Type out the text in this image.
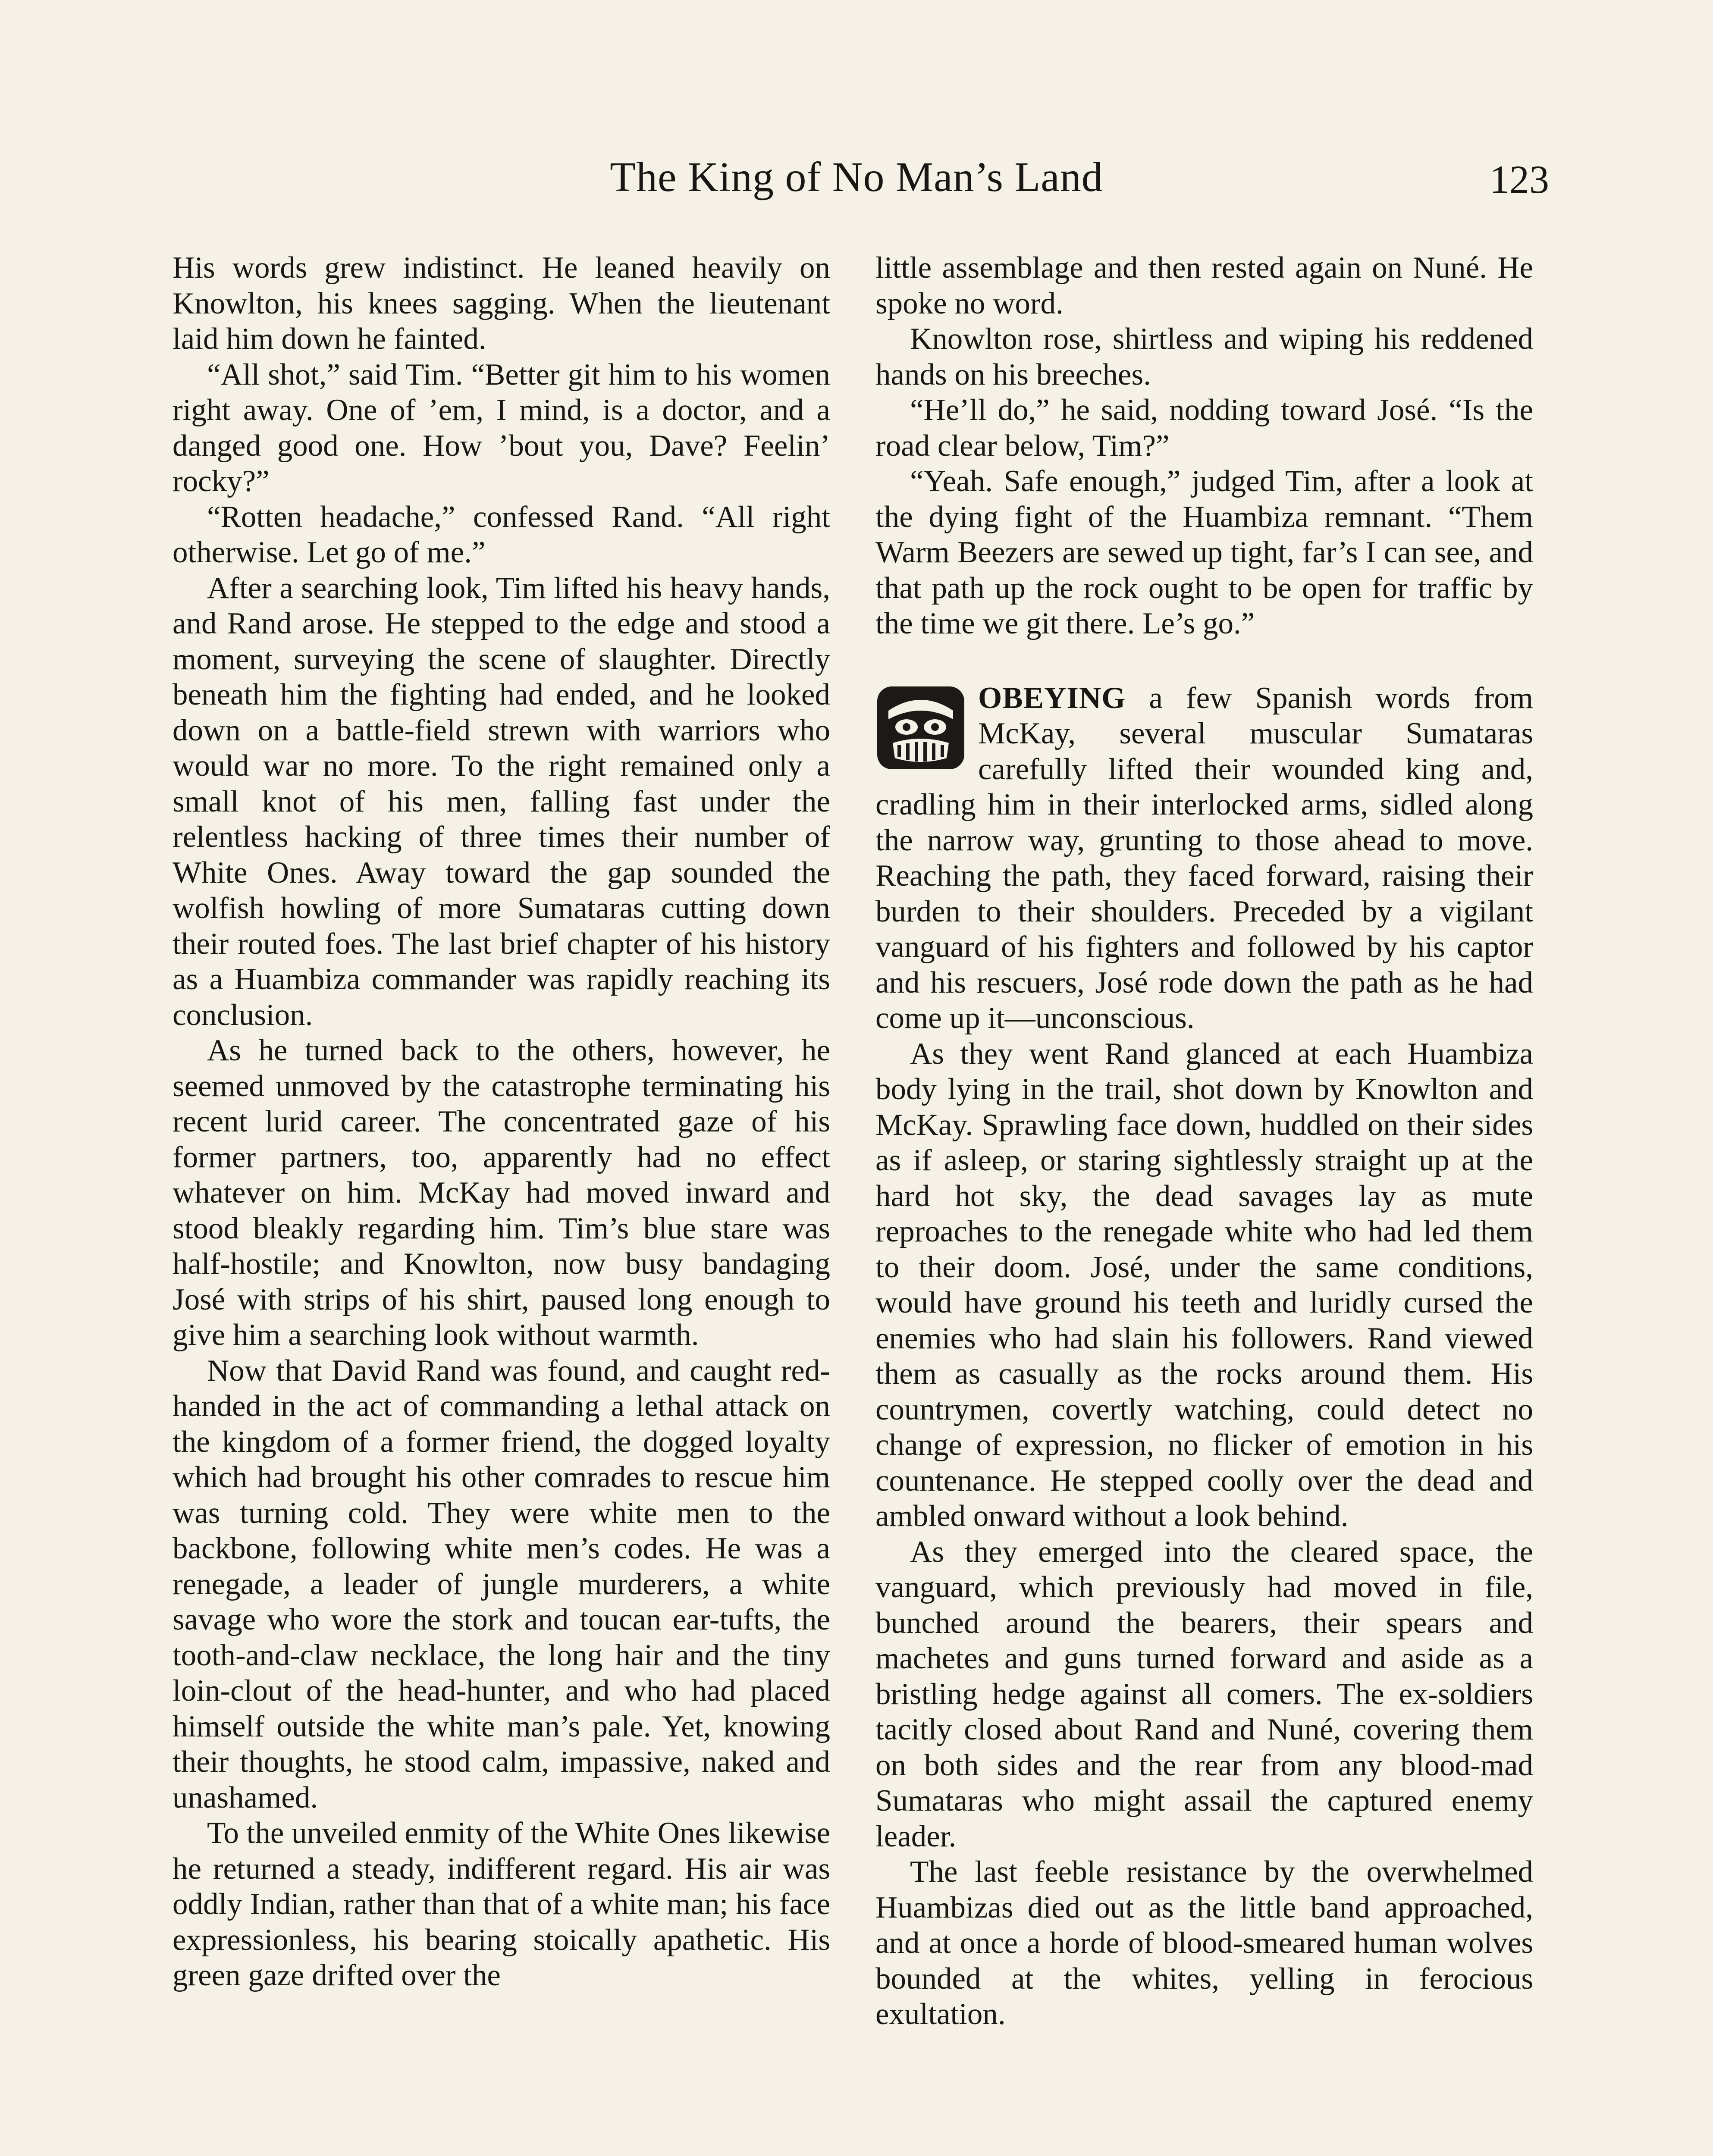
The King of No Man’s Land	123

His words grew indistinct. He leaned heavily on Knowlton, his knees sagging. When the lieutenant laid him down he fainted.

“All shot,” said Tim. “Better git him to his women right away. One of ’em, I mind, is a doctor, and a danged good one. How ’bout you, Dave? Feelin’ rocky?”

“Rotten headache,” confessed Rand. “All right otherwise. Let go of me.”

After a searching look, Tim lifted his heavy hands, and Rand arose. He stepped to the edge and stood a moment, surveying the scene of slaughter. Directly beneath him the fighting had ended, and he looked down on a battle-field strewn with warriors who would war no more. To the right remained only a small knot of his men, falling fast under the relentless hacking of three times their number of White Ones. Away toward the gap sounded the wolfish howling of more Sumataras cutting down their routed foes. The last brief chapter of his history as a Huambiza commander was rapidly reaching its conclusion.

As he turned back to the others, however, he seemed unmoved by the catastrophe terminating his recent lurid career. The concentrated gaze of his former partners, too, apparently had no effect whatever on him. McKay had moved inward and stood bleakly regarding him. Tim’s blue stare was half-hostile; and Knowlton, now busy bandaging José with strips of his shirt, paused long enough to give him a searching look without warmth.

Now that David Rand was found, and caught red-handed in the act of commanding a lethal attack on the kingdom of a former friend, the dogged loyalty which had brought his other comrades to rescue him was turning cold. They were white men to the backbone, following white men’s codes. He was a renegade, a leader of jungle murderers, a white savage who wore the stork and toucan ear-tufts, the tooth-and-claw necklace, the long hair and the tiny loin-clout of the head-hunter, and who had placed himself outside the white man’s pale. Yet, knowing their thoughts, he stood calm, impassive, naked and unashamed.

To the unveiled enmity of the White Ones likewise he returned a steady, indifferent regard. His air was oddly Indian, rather than that of a white man; his face expressionless, his bearing stoically apathetic. His green gaze drifted over the

little assemblage and then rested again on Nuné. He spoke no word.

Knowlton rose, shirtless and wiping his reddened hands on his breeches.

“He’ll do,” he said, nodding toward José. “Is the road clear below, Tim?”

“Yeah. Safe enough,” judged Tim, after a look at the dying fight of the Huambiza remnant. “Them Warm Beezers are sewed up tight, far’s I can see, and that path up the rock ought to be open for traffic by the time we git there. Le’s go.”

OBEYING a few Spanish words from McKay, several muscular Sumataras carefully lifted their wounded king and, cradling him in their interlocked arms, sidled along the narrow way, grunting to those ahead to move. Reaching the path, they faced forward, raising their burden to their shoulders. Preceded by a vigilant vanguard of his fighters and followed by his captor and his rescuers, José rode down the path as he had come up it—unconscious.

As they went Rand glanced at each Huambiza body lying in the trail, shot down by Knowlton and McKay. Sprawling face down, huddled on their sides as if asleep, or staring sightlessly straight up at the hard hot sky, the dead savages lay as mute reproaches to the renegade white who had led them to their doom. José, under the same conditions, would have ground his teeth and luridly cursed the enemies who had slain his followers. Rand viewed them as casually as the rocks around them. His countrymen, covertly watching, could detect no change of expression, no flicker of emotion in his countenance. He stepped coolly over the dead and ambled onward without a look behind.

As they emerged into the cleared space, the vanguard, which previously had moved in file, bunched around the bearers, their spears and machetes and guns turned forward and aside as a bristling hedge against all comers. The ex-soldiers tacitly closed about Rand and Nuné, covering them on both sides and the rear from any blood-mad Sumataras who might assail the captured enemy leader.

The last feeble resistance by the overwhelmed Huambizas died out as the little band approached, and at once a horde of blood-smeared human wolves bounded at the whites, yelling in ferocious exultation.
